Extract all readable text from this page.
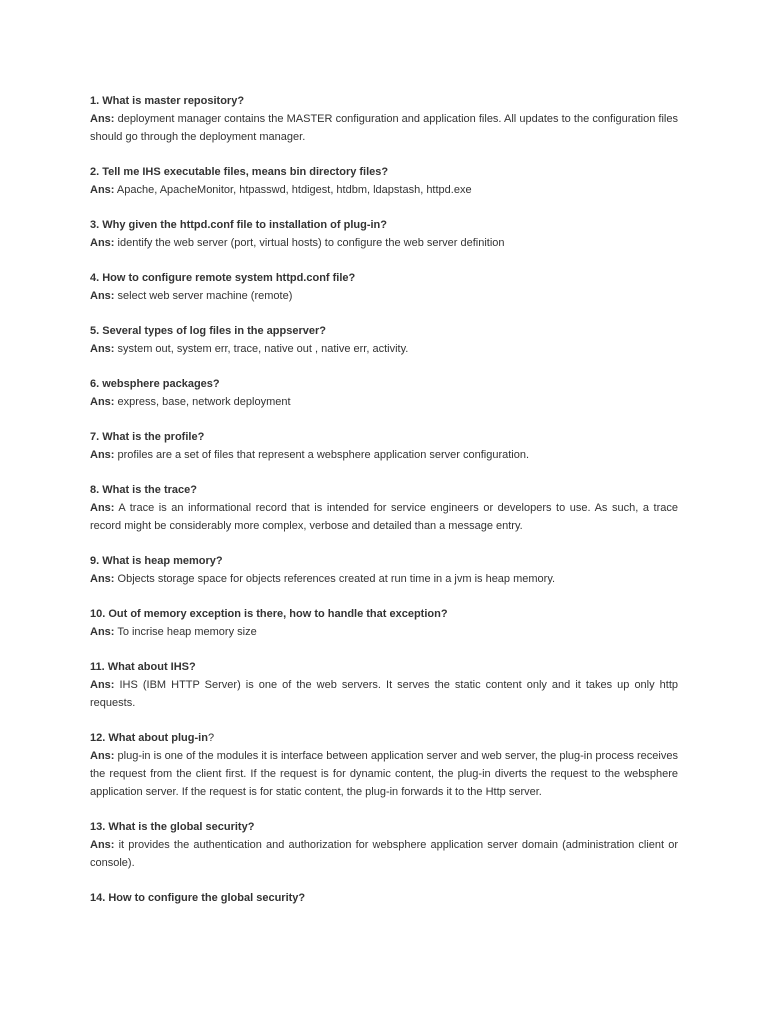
1. What is master repository?
Ans: deployment manager contains the MASTER configuration and application files. All updates to the configuration files should go through the deployment manager.
2. Tell me IHS executable files, means bin directory files?
Ans: Apache, ApacheMonitor, htpasswd, htdigest, htdbm, ldapstash, httpd.exe
3. Why given the httpd.conf file to installation of plug-in?
Ans: identify the web server (port, virtual hosts) to configure the web server definition
4. How to configure remote system httpd.conf file?
Ans: select web server machine (remote)
5. Several types of log files in the appserver?
Ans: system out, system err, trace, native out , native err, activity.
6. websphere packages?
Ans: express, base, network deployment
7. What is the profile?
Ans: profiles are a set of files that represent a websphere application server configuration.
8. What is the trace?
Ans: A trace is an informational record that is intended for service engineers or developers to use. As such, a trace record might be considerably more complex, verbose and detailed than a message entry.
9. What is heap memory?
Ans: Objects storage space for objects references created at run time in a jvm is heap memory.
10. Out of memory exception is there, how to handle that exception?
Ans: To incrise heap memory size
11. What about IHS?
Ans: IHS (IBM HTTP Server) is one of the web servers. It serves the static content only and it takes up only http requests.
12. What about plug-in?
Ans: plug-in is one of the modules it is interface between application server and web server, the plug-in process receives the request from the client first. If the request is for dynamic content, the plug-in diverts the request to the websphere application server. If the request is for static content, the plug-in forwards it to the Http server.
13. What is the global security?
Ans: it provides the authentication and authorization for websphere application server domain (administration client or console).
14. How to configure the global security?
